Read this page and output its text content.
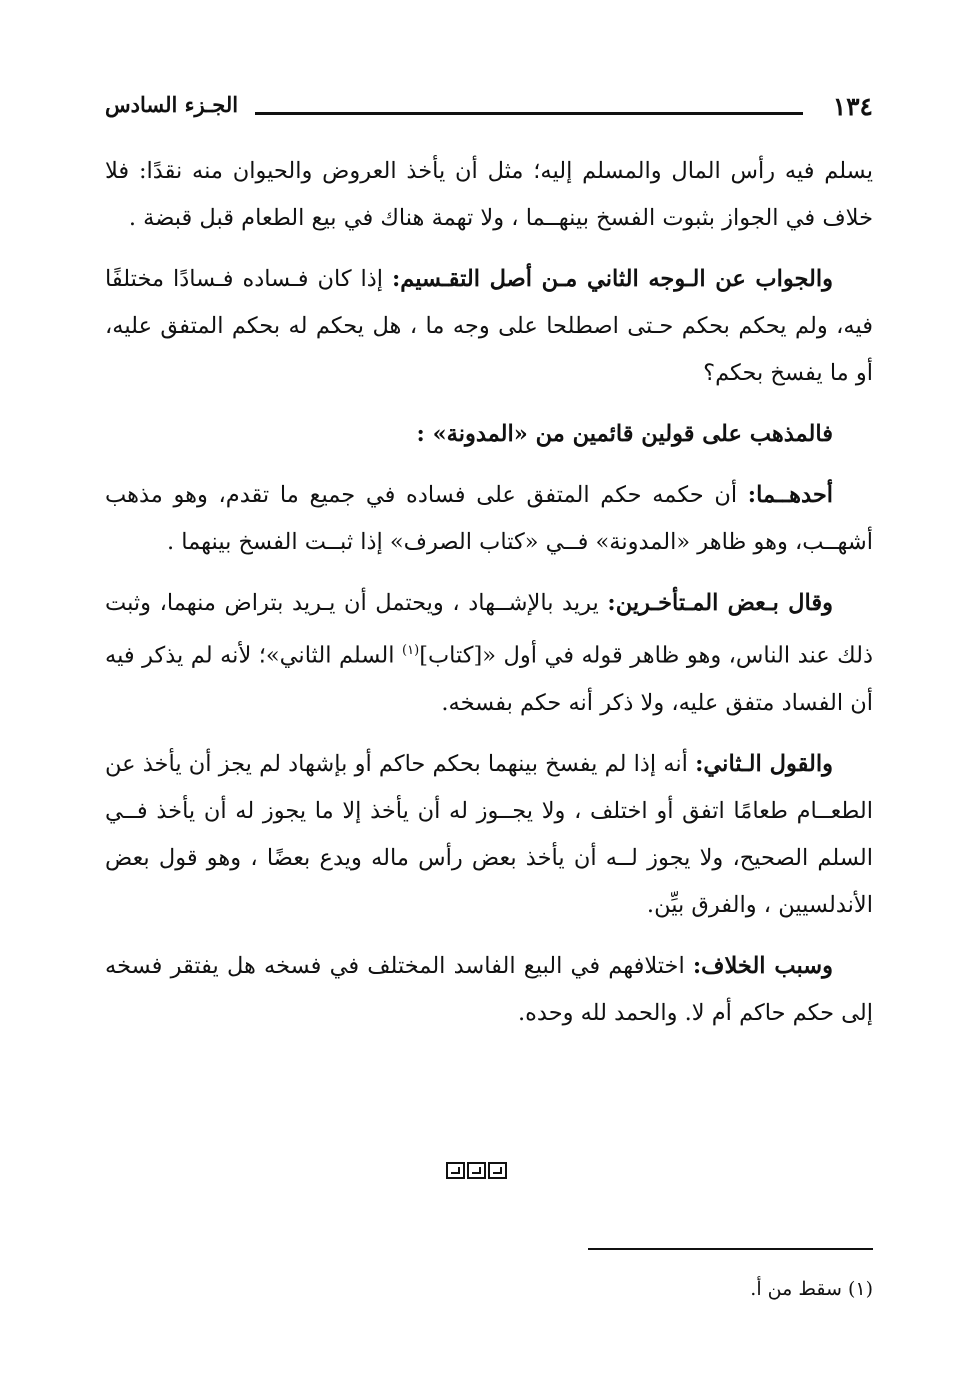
١٣٤
الجـزء السادس

يسلم فيه رأس المال والمسلم إليه؛ مثل أن يأخذ العروض والحيوان منه نقدًا: فلا خلاف في الجواز بثبوت الفسخ بينهــما ، ولا تهمة هناك في بيع الطعام قبل قبضة .

والجواب عن الـوجه الثاني مـن أصل التقـسيم: إذا كان فـساده فـسادًا مختلفًا فيه، ولم يحكم بحكم حـتى اصطلحا على وجه ما ، هل يحكم له بحكم المتفق عليه، أو ما يفسخ بحكم؟

فالمذهب على قولين قائمين من «المدونة» :

أحدهــما: أن حكمه حكم المتفق على فساده في جميع ما تقدم، وهو مذهب أشهــب، وهو ظاهر «المدونة» فــي «كتاب الصرف» إذا ثبــت الفسخ بينهما .

وقال بـعض المـتأخـرين: يريد بالإشــهاد ، ويحتمل أن يـريد بتراض منهما، وثبت ذلك عند الناس، وهو ظاهر قوله في أول «[كتاب]$^{(١)}$ السلم الثاني»؛ لأنه لم يذكر فيه أن الفساد متفق عليه، ولا ذكر أنه حكم بفسخه.

والقول الـثاني: أنه إذا لم يفسخ بينهما بحكم حاكم أو بإشهاد لم يجز أن يأخذ عن الطعــام طعامًا اتفق أو اختلف ، ولا يجــوز له أن يأخذ إلا ما يجوز له أن يأخذ فــي السلم الصحيح، ولا يجوز لــه أن يأخذ بعض رأس ماله ويدع بعضًا ، وهو قول بعض الأندلسيين ، والفرق بيِّن.

وسبب الخلاف: اختلافهم في البيع الفاسد المختلف في فسخه هل يفتقر فسخه إلى حكم حاكم أم لا. والحمد لله وحده.

(١) سقط من أ.
